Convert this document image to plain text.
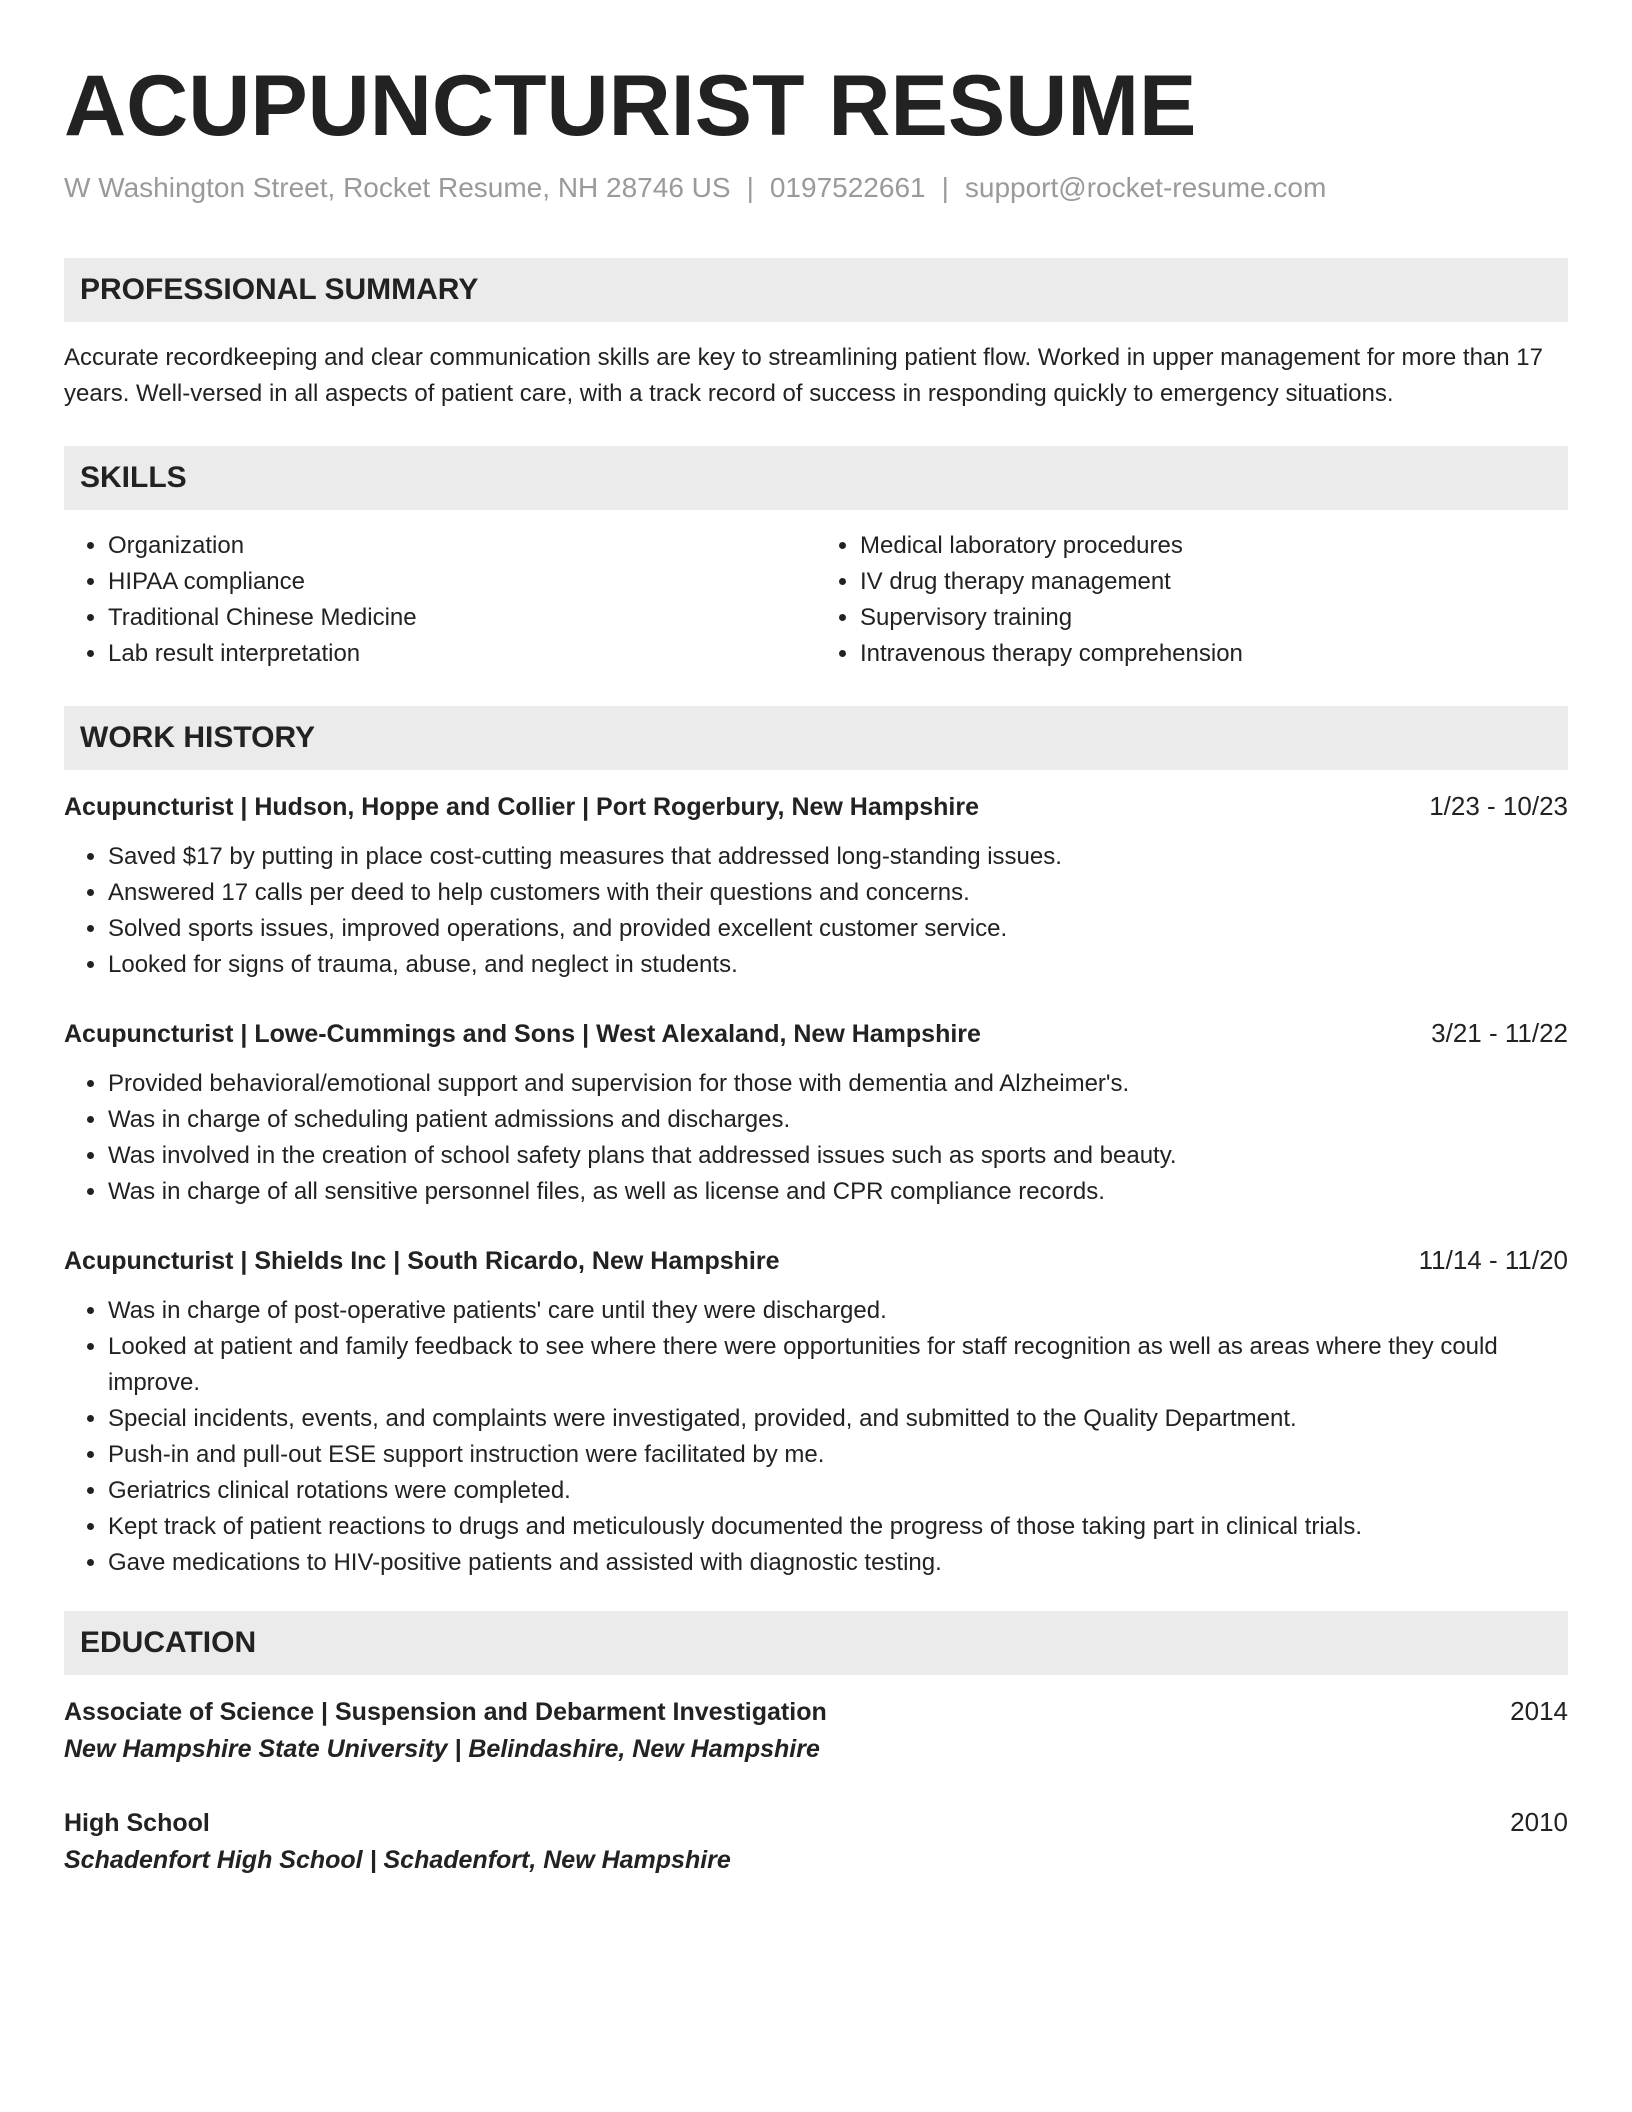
ACUPUNCTURIST RESUME
W Washington Street, Rocket Resume, NH 28746 US | 0197522661 | support@rocket-resume.com
PROFESSIONAL SUMMARY

Accurate recordkeeping and clear communication skills are key to streamlining patient flow. Worked in upper management for more than 17 years. Well-versed in all aspects of patient care, with a track record of success in responding quickly to emergency situations.

SKILLS
• Organization
• HIPAA compliance
• Traditional Chinese Medicine
• Lab result interpretation
• Medical laboratory procedures
• IV drug therapy management
• Supervisory training
• Intravenous therapy comprehension
WORK HISTORY
Acupuncturist | Hudson, Hoppe and Collier | Port Rogerbury, New Hampshire	1/23 - 10/23
• Saved $17 by putting in place cost-cutting measures that addressed long-standing issues.
• Answered 17 calls per deed to help customers with their questions and concerns.
• Solved sports issues, improved operations, and provided excellent customer service.
• Looked for signs of trauma, abuse, and neglect in students.
Acupuncturist | Lowe-Cummings and Sons | West Alexaland, New Hampshire	3/21 - 11/22
• Provided behavioral/emotional support and supervision for those with dementia and Alzheimer's.
• Was in charge of scheduling patient admissions and discharges.
• Was involved in the creation of school safety plans that addressed issues such as sports and beauty.
• Was in charge of all sensitive personnel files, as well as license and CPR compliance records.
Acupuncturist | Shields Inc | South Ricardo, New Hampshire	11/14 - 11/20
• Was in charge of post-operative patients' care until they were discharged.
• Looked at patient and family feedback to see where there were opportunities for staff recognition as well as areas where they could improve.
• Special incidents, events, and complaints were investigated, provided, and submitted to the Quality Department.
• Push-in and pull-out ESE support instruction were facilitated by me.
• Geriatrics clinical rotations were completed.
• Kept track of patient reactions to drugs and meticulously documented the progress of those taking part in clinical trials.
• Gave medications to HIV-positive patients and assisted with diagnostic testing.
EDUCATION
Associate of Science | Suspension and Debarment Investigation	2014
New Hampshire State University | Belindashire, New Hampshire
High School	2010
Schadenfort High School | Schadenfort, New Hampshire
